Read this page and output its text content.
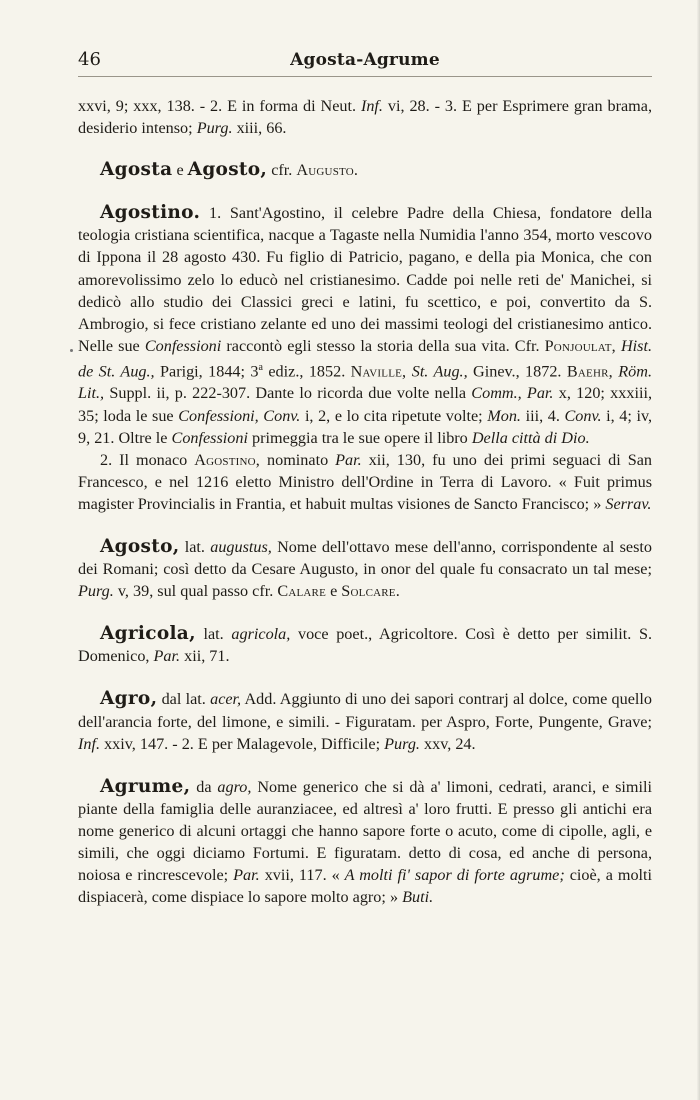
46	Agosta-Agrume

xxvi, 9; xxx, 138. - 2. E in forma di Neut. Inf. vi, 28. - 3. E per Esprimere gran brama, desiderio intenso; Purg. xiii, 66.

Agosta e Agosto, cfr. Augusto.

Agostino. 1. Sant'Agostino, il celebre Padre della Chiesa, fondatore della teologia cristiana scientifica, nacque a Tagaste nella Numidia l'anno 354, morto vescovo di Ippona il 28 agosto 430. Fu figlio di Patricio, pagano, e della pia Monica, che con amorevolissimo zelo lo educò nel cristianesimo. Cadde poi nelle reti de' Manichei, si dedicò allo studio dei Classici greci e latini, fu scettico, e poi, convertito da S. Ambrogio, si fece cristiano zelante ed uno dei massimi teologi del cristianesimo antico. Nelle sue Confessioni raccontò egli stesso la storia della sua vita. Cfr. Ponjoulat, Hist. de St. Aug., Parigi, 1844; 3$^a$ ediz., 1852. Naville, St. Aug., Ginev., 1872. Baehr, Röm. Lit., Suppl. ii, p. 222-307. Dante lo ricorda due volte nella Comm., Par. x, 120; xxxiii, 35; loda le sue Confessioni, Conv. i, 2, e lo cita ripetute volte; Mon. iii, 4. Conv. i, 4; iv, 9, 21. Oltre le Confessioni primeggia tra le sue opere il libro Della città di Dio.

2. Il monaco Agostino, nominato Par. xii, 130, fu uno dei primi seguaci di San Francesco, e nel 1216 eletto Ministro dell'Ordine in Terra di Lavoro. « Fuit primus magister Provincialis in Frantia, et habuit multas visiones de Sancto Francisco; » Serrav.

Agosto, lat. augustus, Nome dell'ottavo mese dell'anno, corrispondente al sesto dei Romani; così detto da Cesare Augusto, in onor del quale fu consacrato un tal mese; Purg. v, 39, sul qual passo cfr. Calare e Solcare.

Agricola, lat. agricola, voce poet., Agricoltore. Così è detto per similit. S. Domenico, Par. xii, 71.

Agro, dal lat. acer, Add. Aggiunto di uno dei sapori contrarj al dolce, come quello dell'arancia forte, del limone, e simili. - Figuratam. per Aspro, Forte, Pungente, Grave; Inf. xxiv, 147. - 2. E per Malagevole, Difficile; Purg. xxv, 24.

Agrume, da agro, Nome generico che si dà a' limoni, cedrati, aranci, e simili piante della famiglia delle auranziacee, ed altresì a' loro frutti. E presso gli antichi era nome generico di alcuni ortaggi che hanno sapore forte o acuto, come di cipolle, agli, e simili, che oggi diciamo Fortumi. E figuratam. detto di cosa, ed anche di persona, noiosa e rincrescevole; Par. xvii, 117. « A molti fi' sapor di forte agrume; cioè, a molti dispiacerà, come dispiace lo sapore molto agro; » Buti.
